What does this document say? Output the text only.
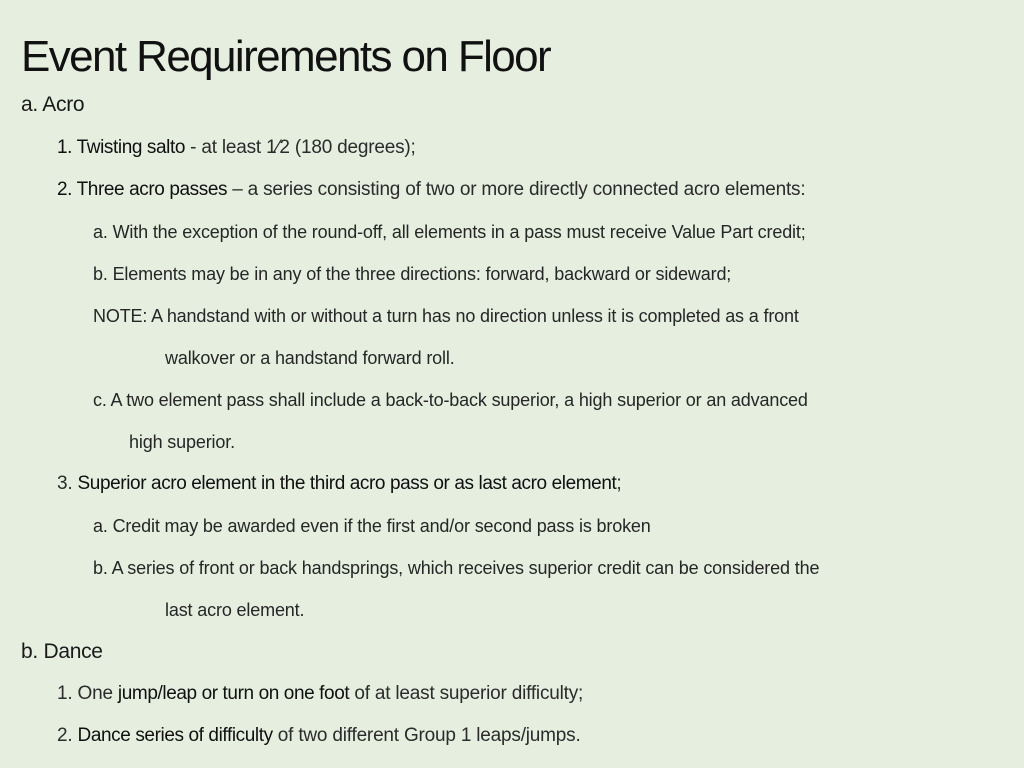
Event Requirements on Floor
a. Acro
1. Twisting salto - at least 1⁄2 (180 degrees);
2. Three acro passes – a series consisting of two or more directly connected acro elements:
a. With the exception of the round-off, all elements in a pass must receive Value Part credit;
b. Elements may be in any of the three directions: forward, backward or sideward;
NOTE: A handstand with or without a turn has no direction unless it is completed as a front
walkover or a handstand forward roll.
c. A two element pass shall include a back-to-back superior, a high superior or an advanced
high superior.
3. Superior acro element in the third acro pass or as last acro element;
a. Credit may be awarded even if the first and/or second pass is broken
b. A series of front or back handsprings, which receives superior credit can be considered the
last acro element.
b. Dance
1. One jump/leap or turn on one foot of at least superior difficulty;
2. Dance series of difficulty of two different Group 1 leaps/jumps.
